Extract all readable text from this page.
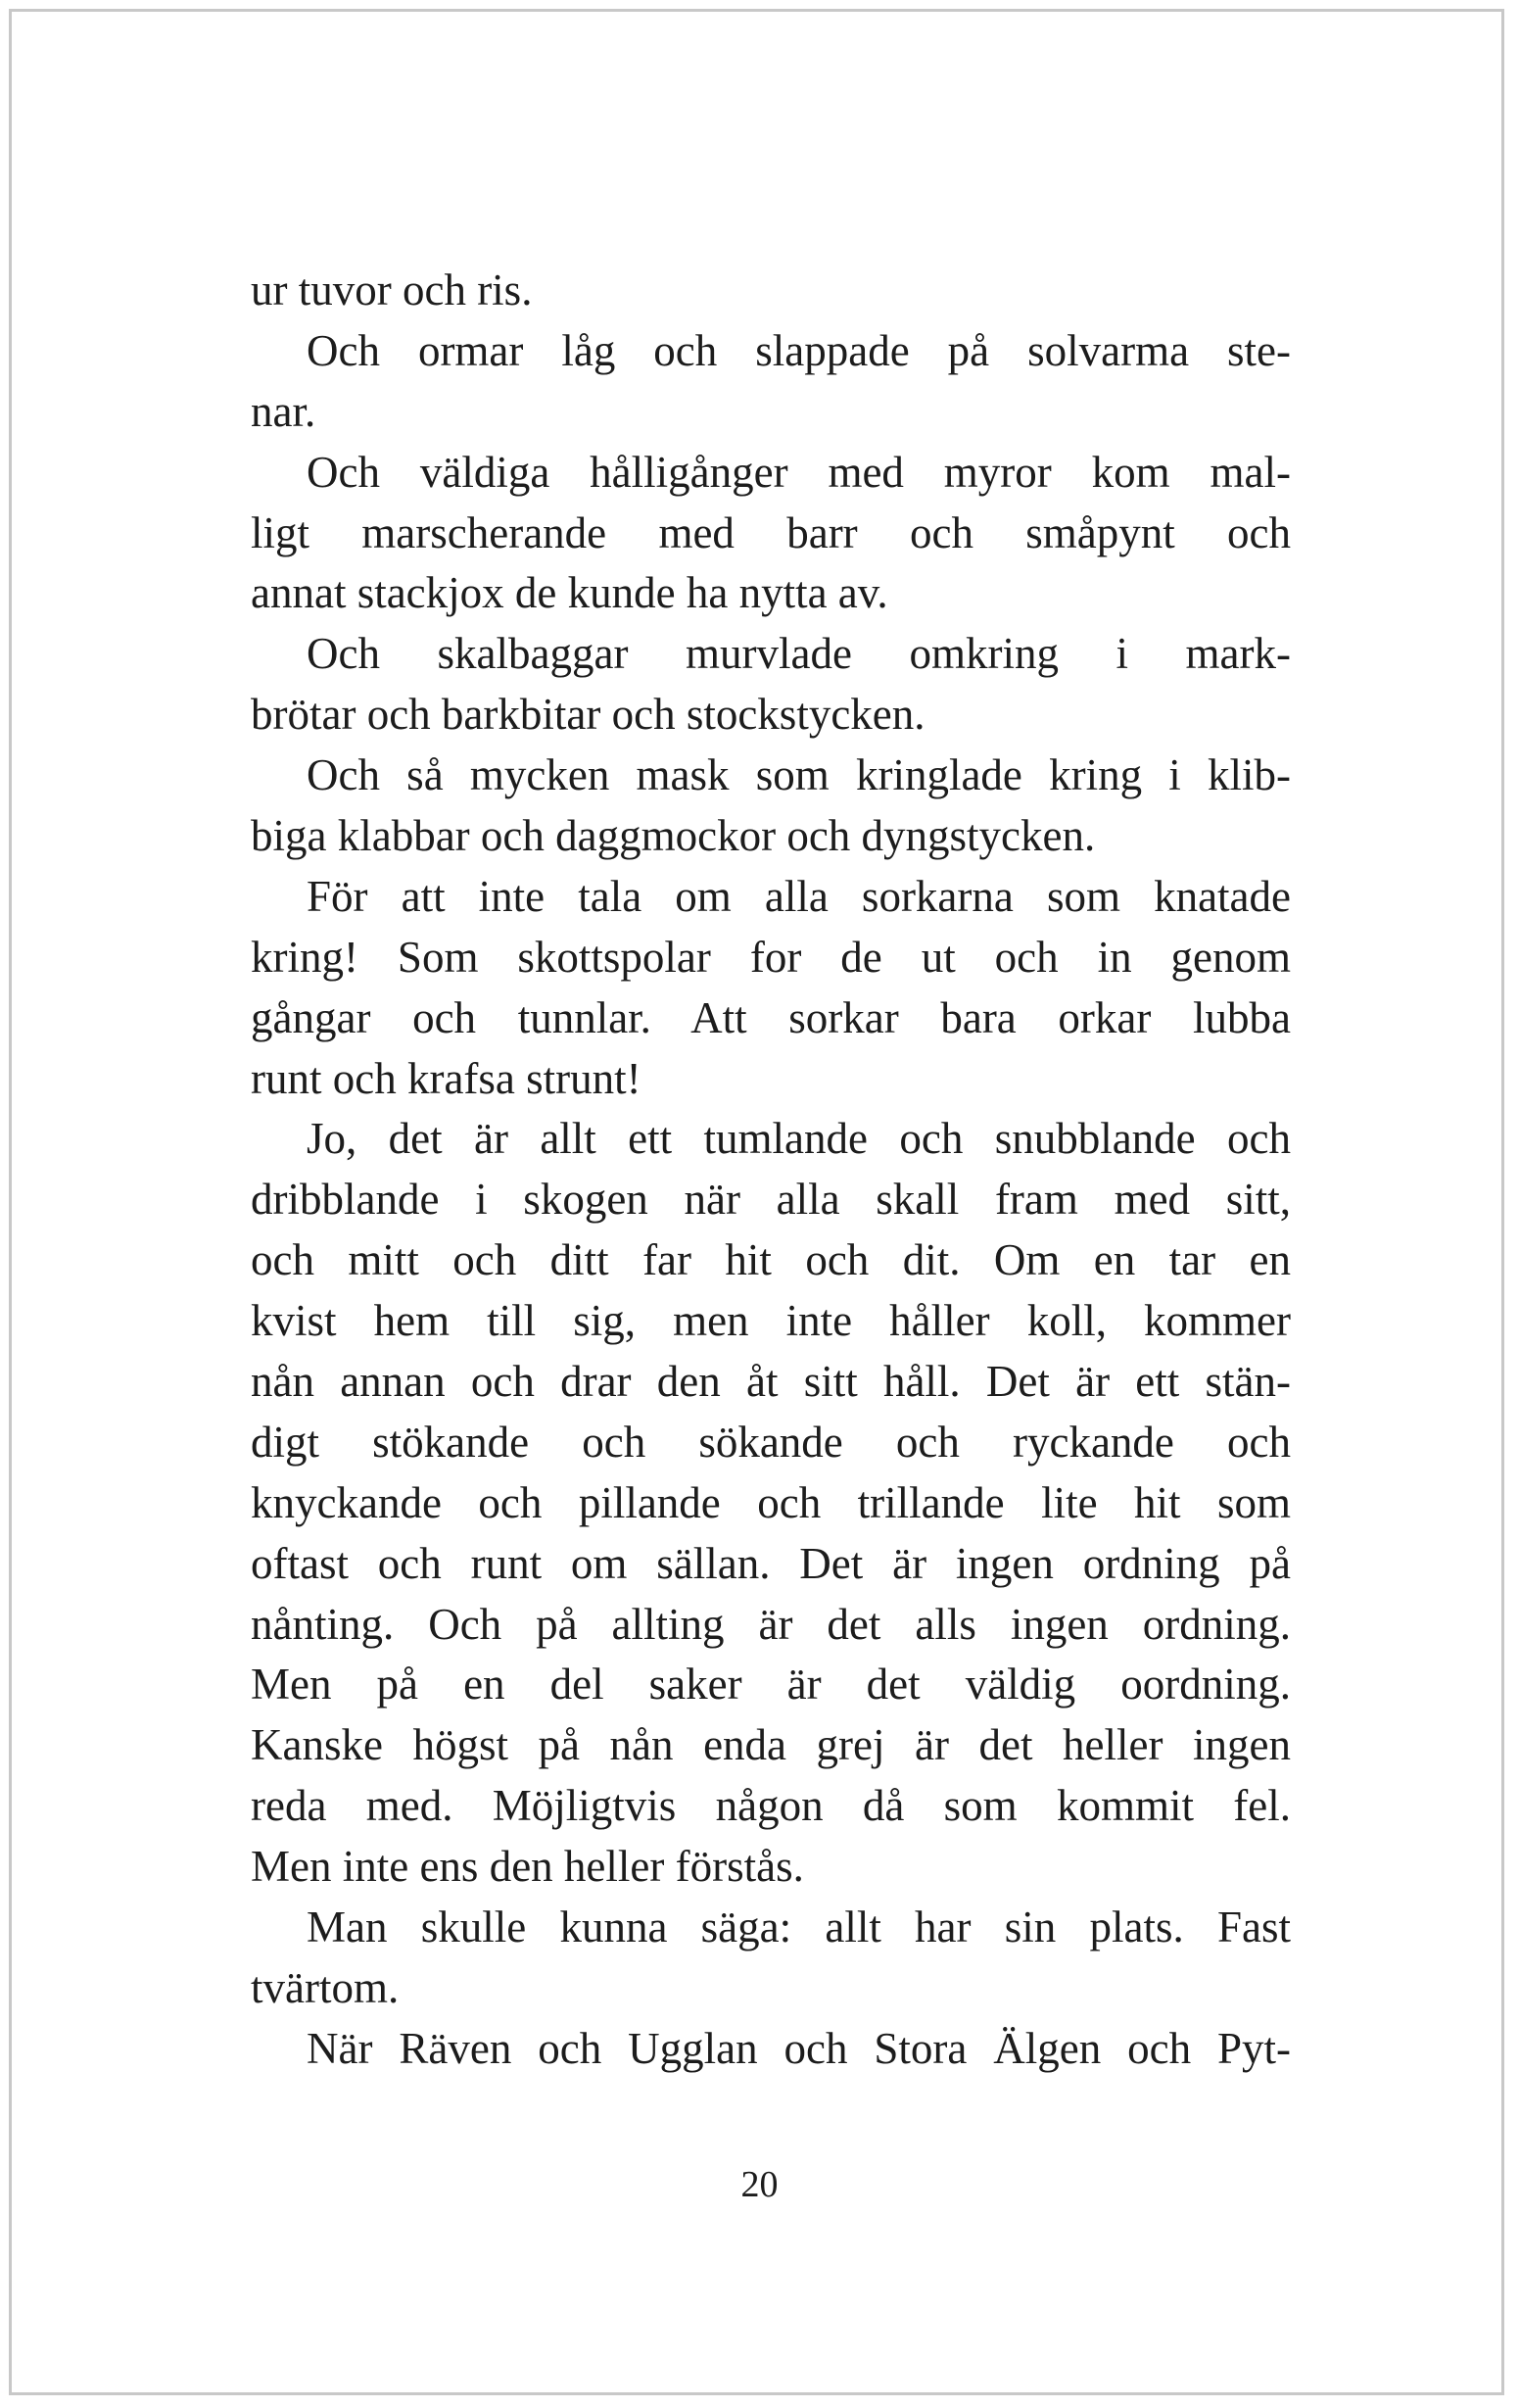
ur tuvor och ris.
Och ormar låg och slappade på solvarma ste-
nar.
Och väldiga hålligånger med myror kom mal-
ligt marscherande med barr och småpynt och
annat stackjox de kunde ha nytta av.
Och skalbaggar murvlade omkring i mark-
brötar och barkbitar och stockstycken.
Och så mycken mask som kringlade kring i klib-
biga klabbar och daggmockor och dyngstycken.
För att inte tala om alla sorkarna som knatade
kring! Som skottspolar for de ut och in genom
gångar och tunnlar. Att sorkar bara orkar lubba
runt och krafsa strunt!
Jo, det är allt ett tumlande och snubblande och
dribblande i skogen när alla skall fram med sitt,
och mitt och ditt far hit och dit. Om en tar en
kvist hem till sig, men inte håller koll, kommer
nån annan och drar den åt sitt håll. Det är ett stän-
digt stökande och sökande och ryckande och
knyckande och pillande och trillande lite hit som
oftast och runt om sällan. Det är ingen ordning på
nånting. Och på allting är det alls ingen ordning.
Men på en del saker är det väldig oordning.
Kanske högst på nån enda grej är det heller ingen
reda med. Möjligtvis någon då som kommit fel.
Men inte ens den heller förstås.
Man skulle kunna säga: allt har sin plats. Fast
tvärtom.
När Räven och Ugglan och Stora Älgen och Pyt-
20
